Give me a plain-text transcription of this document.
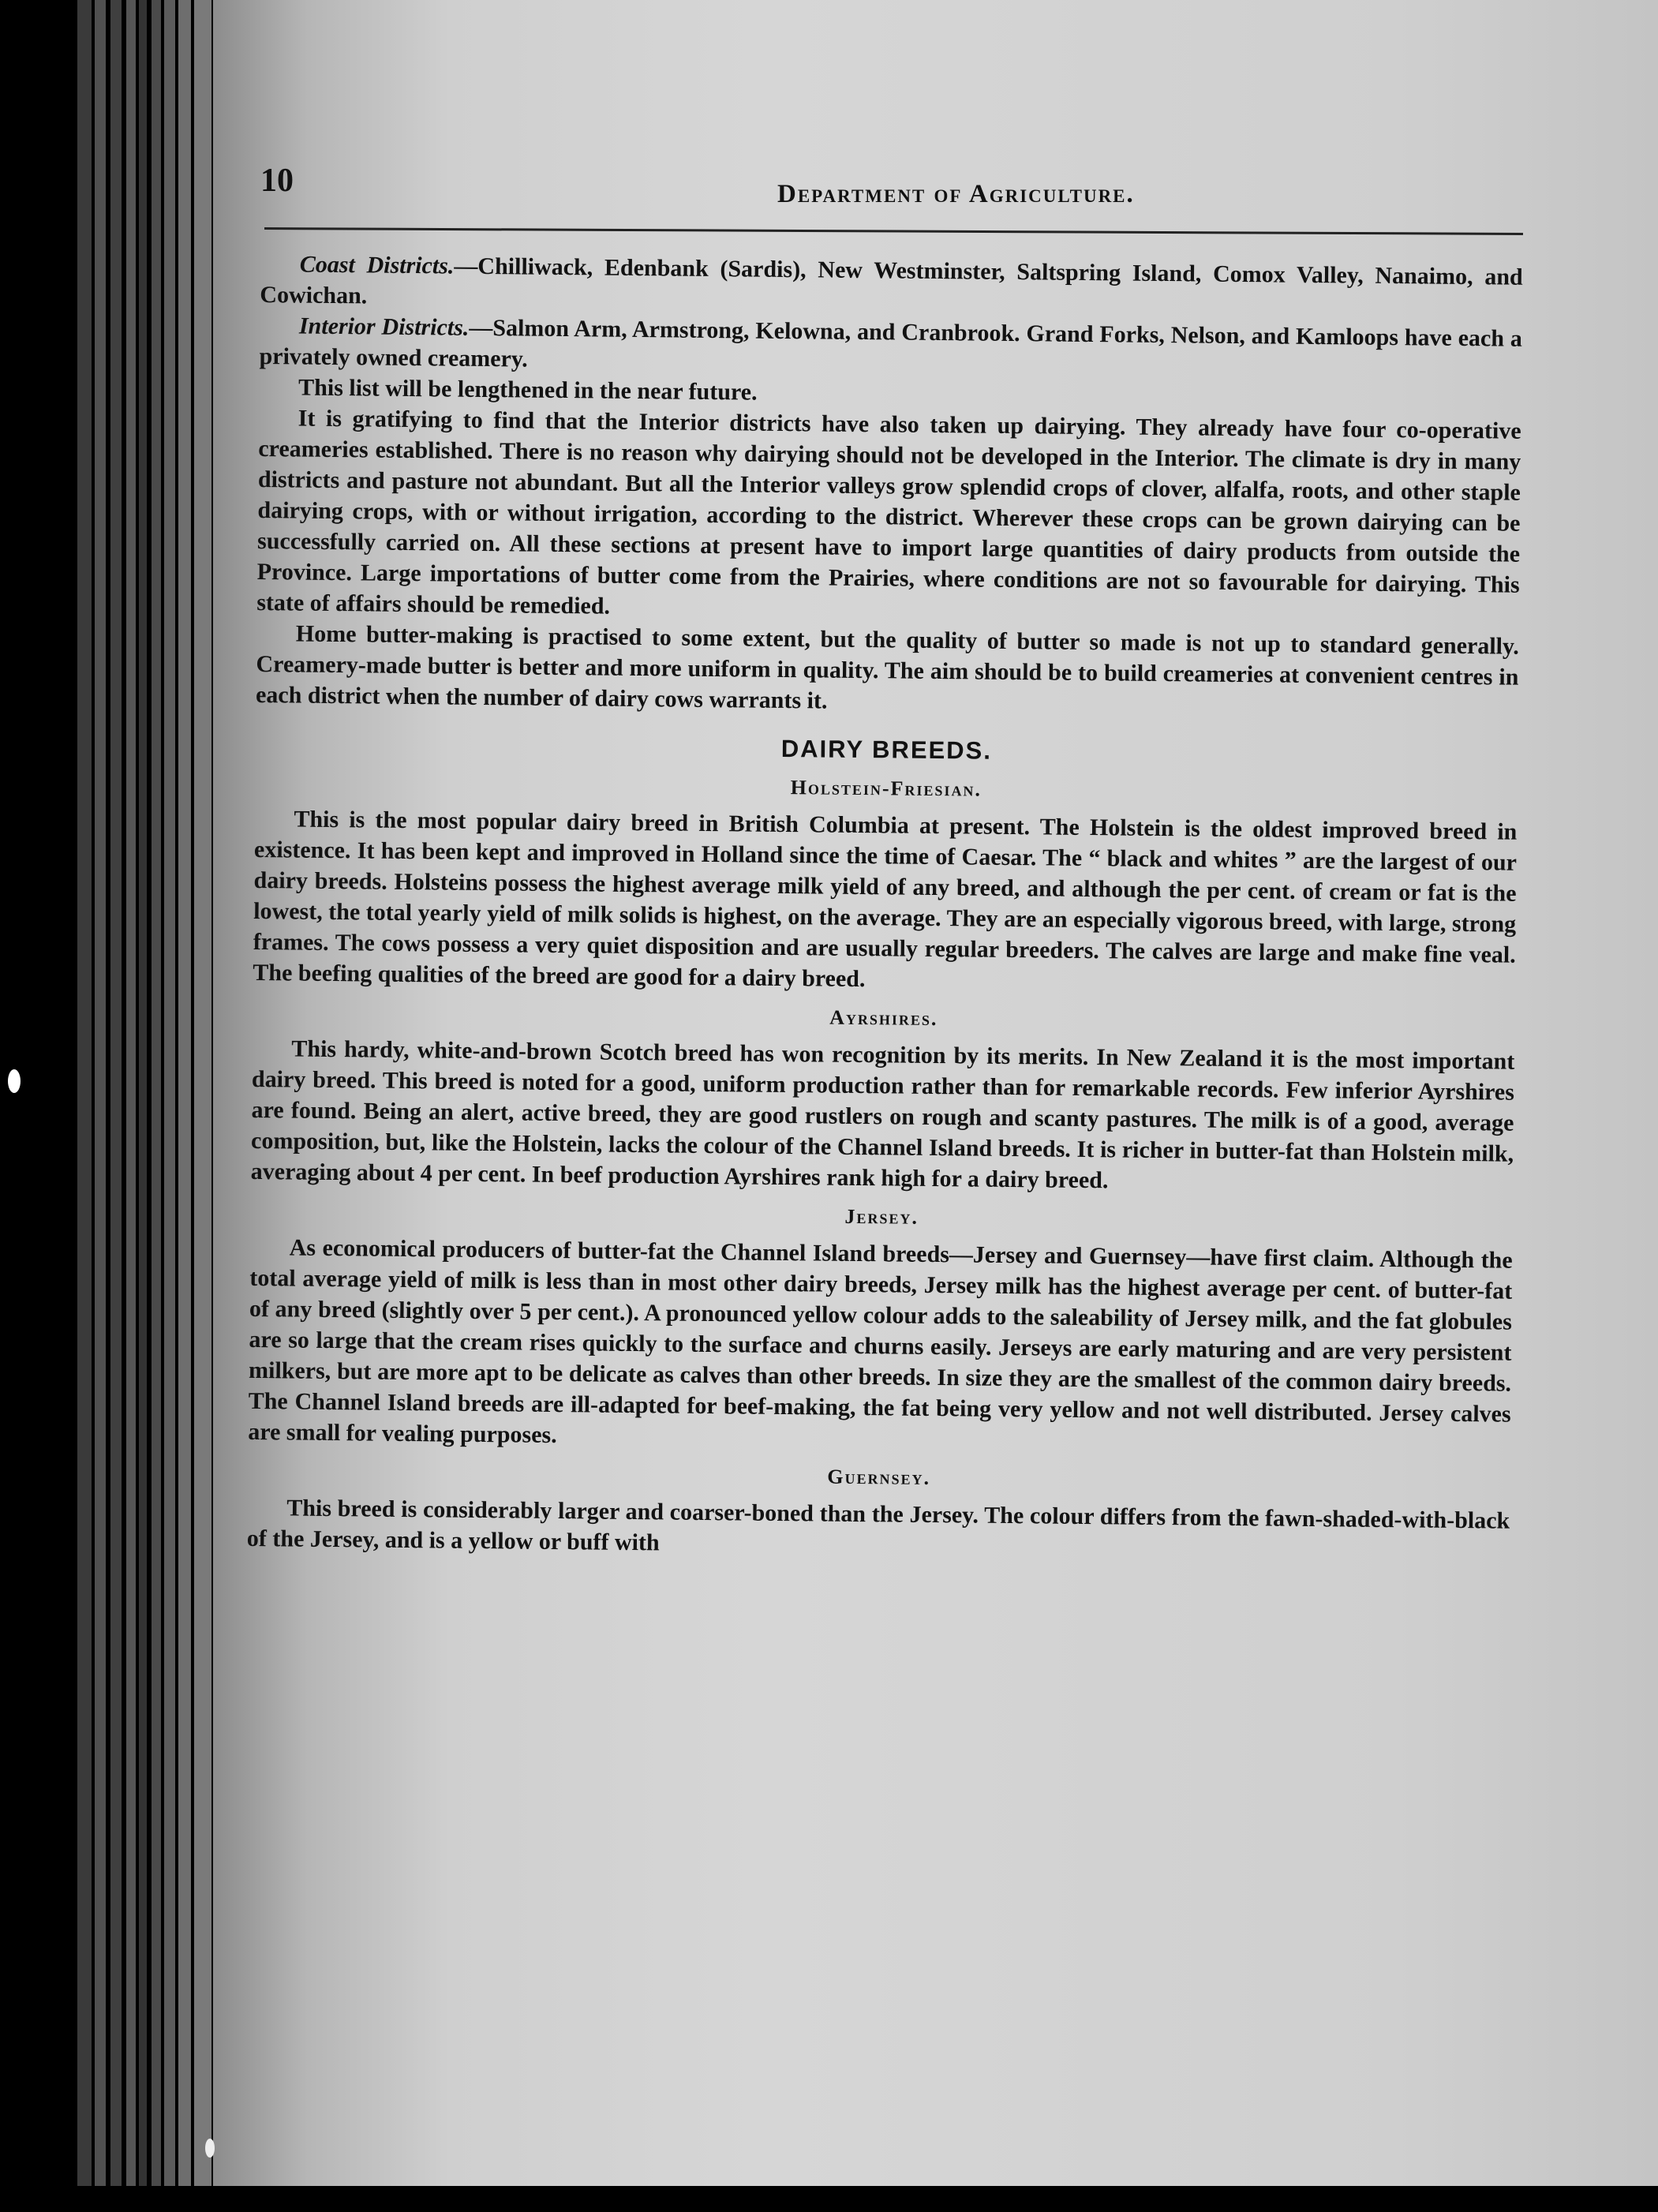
10	Department of Agriculture.

Coast Districts.—Chilliwack, Edenbank (Sardis), New Westminster, Saltspring Island, Comox Valley, Nanaimo, and Cowichan.

Interior Districts.—Salmon Arm, Armstrong, Kelowna, and Cranbrook. Grand Forks, Nelson, and Kamloops have each a privately owned creamery.

This list will be lengthened in the near future.

It is gratifying to find that the Interior districts have also taken up dairying. They already have four co-operative creameries established. There is no reason why dairying should not be developed in the Interior. The climate is dry in many districts and pasture not abundant. But all the Interior valleys grow splendid crops of clover, alfalfa, roots, and other staple dairying crops, with or without irrigation, according to the district. Wherever these crops can be grown dairying can be successfully carried on. All these sections at present have to import large quantities of dairy products from outside the Province. Large importations of butter come from the Prairies, where conditions are not so favourable for dairying. This state of affairs should be remedied.

Home butter-making is practised to some extent, but the quality of butter so made is not up to standard generally. Creamery-made butter is better and more uniform in quality. The aim should be to build creameries at convenient centres in each district when the number of dairy cows warrants it.

DAIRY BREEDS.
Holstein-Friesian.

This is the most popular dairy breed in British Columbia at present. The Holstein is the oldest improved breed in existence. It has been kept and improved in Holland since the time of Caesar. The “ black and whites ” are the largest of our dairy breeds. Holsteins possess the highest average milk yield of any breed, and although the per cent. of cream or fat is the lowest, the total yearly yield of milk solids is highest, on the average. They are an especially vigorous breed, with large, strong frames. The cows possess a very quiet disposition and are usually regular breeders. The calves are large and make fine veal. The beefing qualities of the breed are good for a dairy breed.

Ayrshires.

This hardy, white-and-brown Scotch breed has won recognition by its merits. In New Zealand it is the most important dairy breed. This breed is noted for a good, uniform production rather than for remarkable records. Few inferior Ayrshires are found. Being an alert, active breed, they are good rustlers on rough and scanty pastures. The milk is of a good, average composition, but, like the Holstein, lacks the colour of the Channel Island breeds. It is richer in butter-fat than Holstein milk, averaging about 4 per cent. In beef production Ayrshires rank high for a dairy breed.

Jersey.

As economical producers of butter-fat the Channel Island breeds—Jersey and Guernsey—have first claim. Although the total average yield of milk is less than in most other dairy breeds, Jersey milk has the highest average per cent. of butter-fat of any breed (slightly over 5 per cent.). A pronounced yellow colour adds to the saleability of Jersey milk, and the fat globules are so large that the cream rises quickly to the surface and churns easily. Jerseys are early maturing and are very persistent milkers, but are more apt to be delicate as calves than other breeds. In size they are the smallest of the common dairy breeds. The Channel Island breeds are ill-adapted for beef-making, the fat being very yellow and not well distributed. Jersey calves are small for vealing purposes.

Guernsey.

This breed is considerably larger and coarser-boned than the Jersey. The colour differs from the fawn-shaded-with-black of the Jersey, and is a yellow or buff with
